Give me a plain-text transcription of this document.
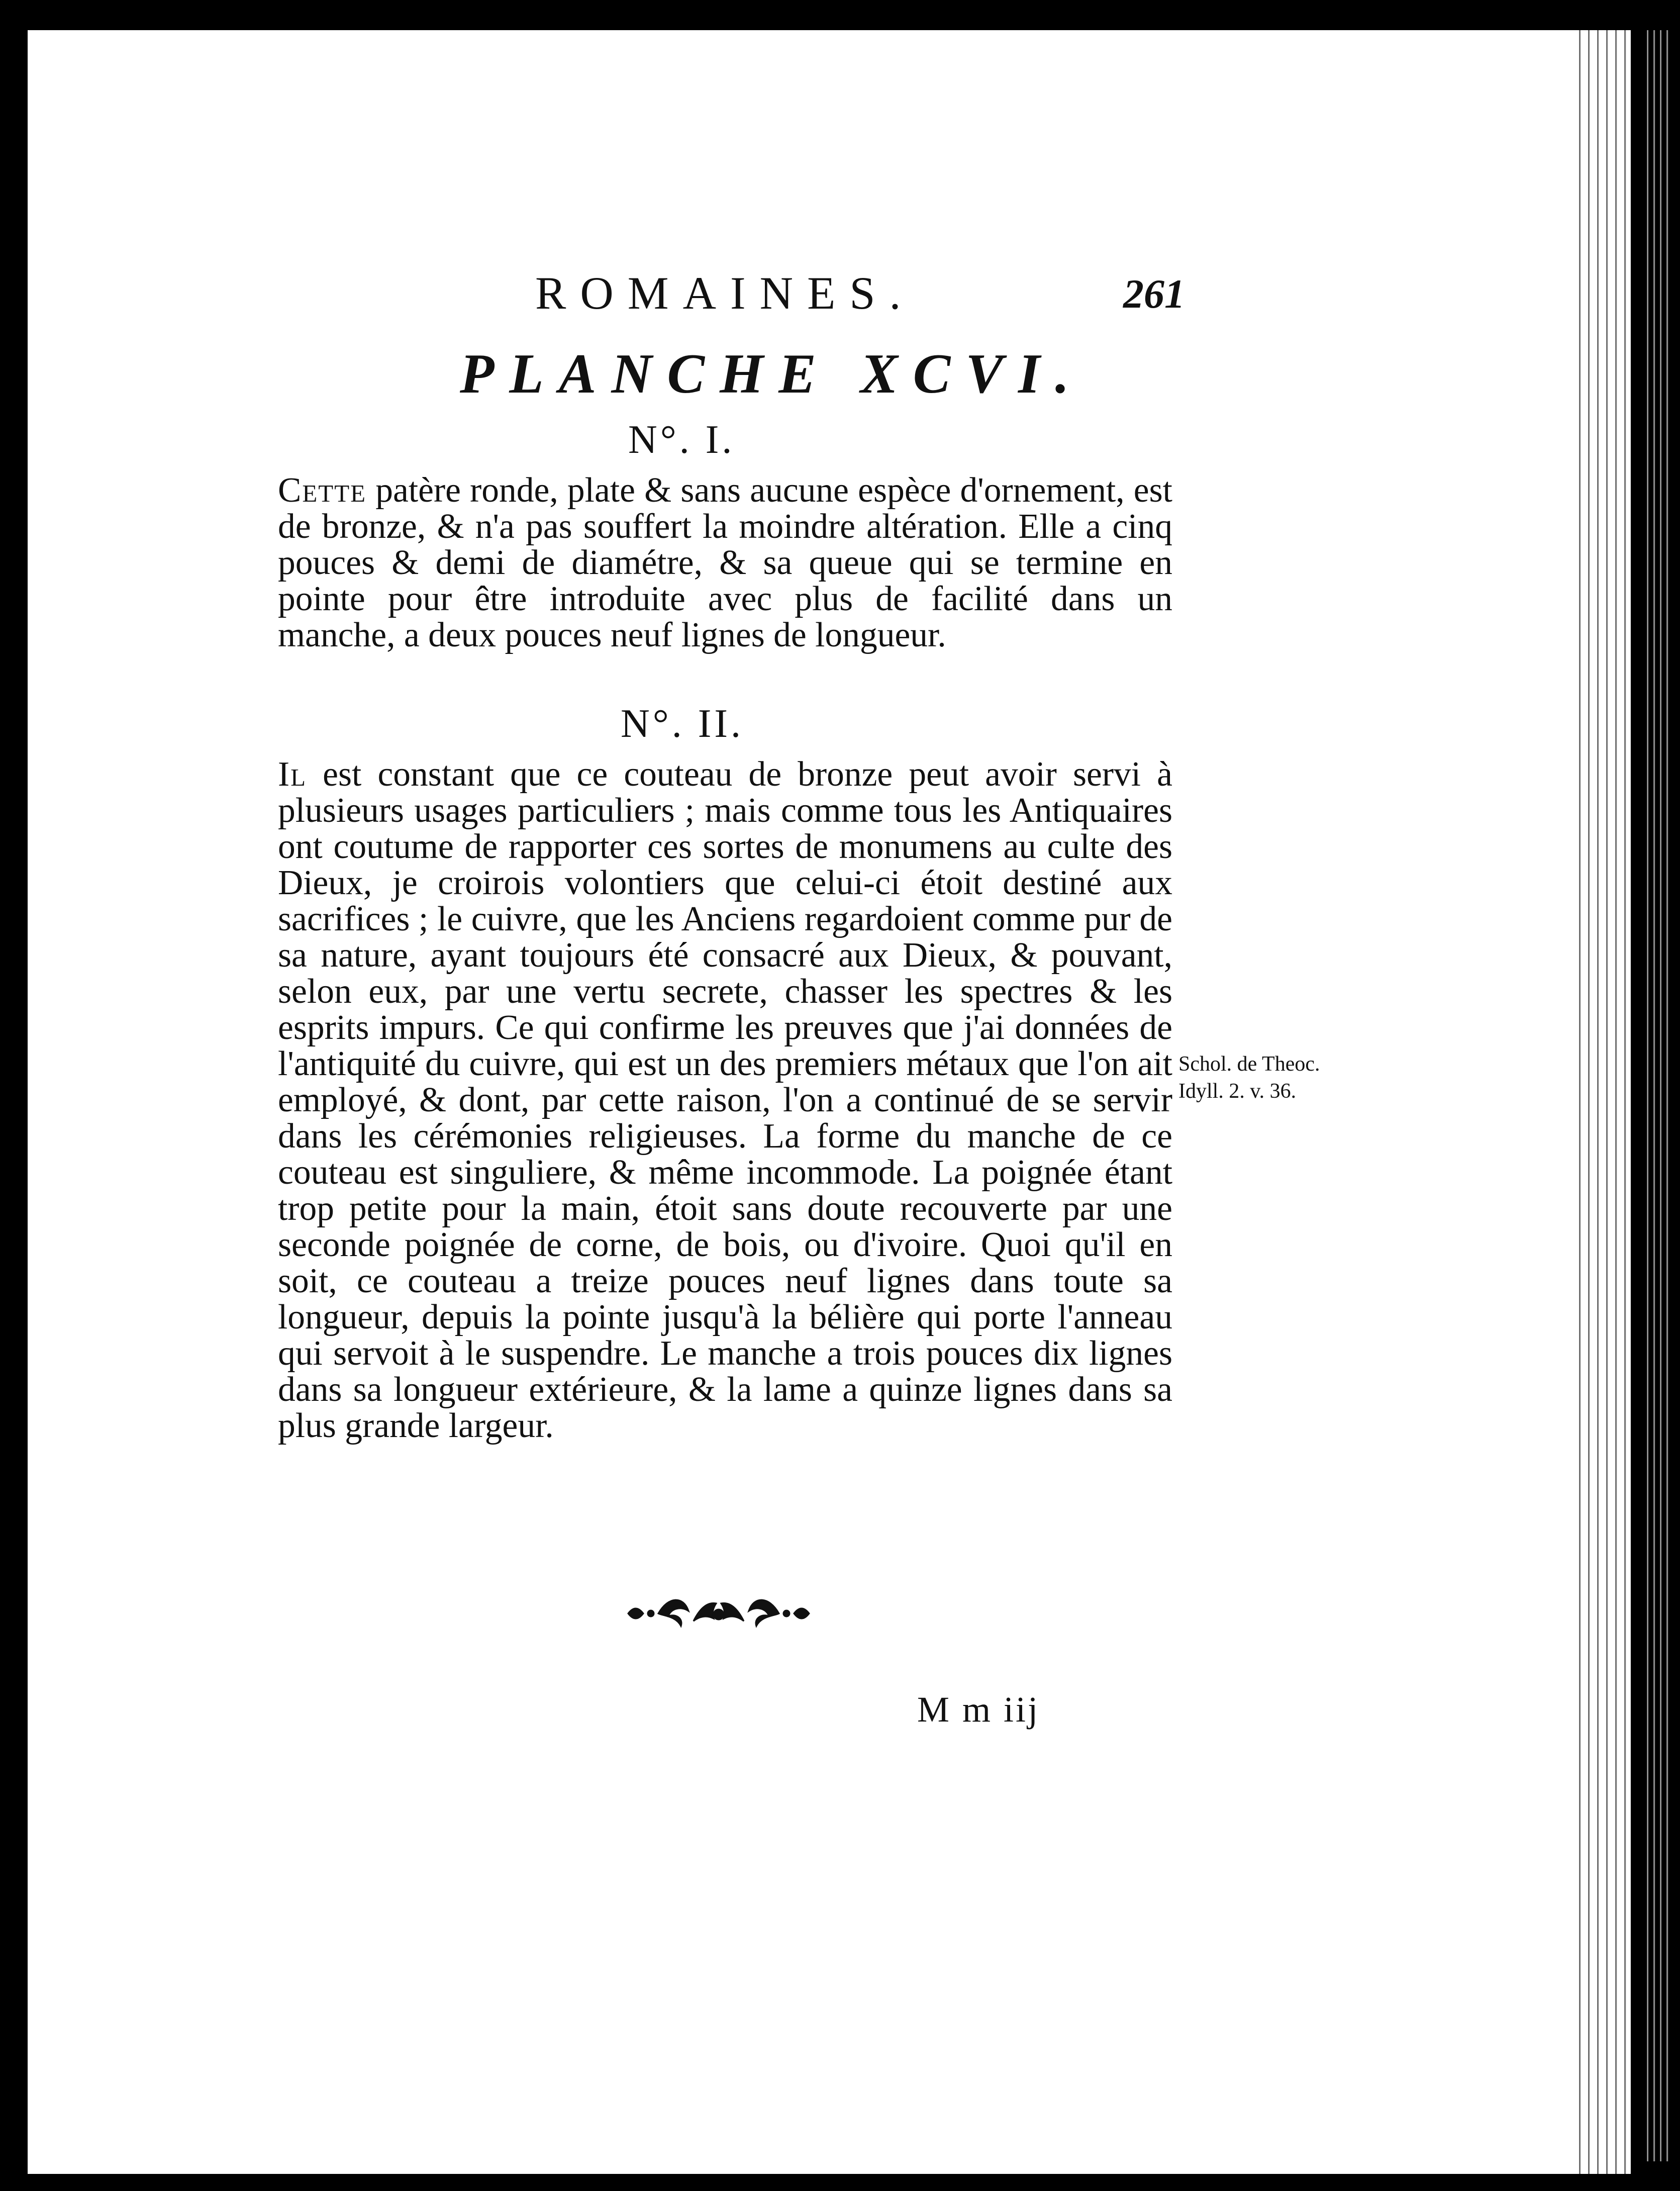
ROMAINES.	261
PLANCHE XCVI.
N°. I.

Cette patère ronde, plate & sans aucune espèce d'ornement, est de bronze, & n'a pas souffert la moindre altération. Elle a cinq pouces & demi de diamétre, & sa queue qui se termine en pointe pour être introduite avec plus de facilité dans un manche, a deux pouces neuf lignes de longueur.

N°. II.

Il est constant que ce couteau de bronze peut avoir servi à plusieurs usages particuliers ; mais comme tous les Antiquaires ont coutume de rapporter ces sortes de monumens au culte des Dieux, je croirois volontiers que celui-ci étoit destiné aux sacrifices ; le cuivre, que les Anciens regardoient comme pur de sa nature, ayant toujours été consacré aux Dieux, & pouvant, selon eux, par une vertu secrete, chasser les spectres & les esprits impurs. Ce qui confirme les preuves que j'ai données de l'antiquité du cuivre, qui est un des premiers métaux que l'on ait employé, & dont, par cette raison, l'on a continué de se servir dans les cérémonies religieuses. La forme du manche de ce couteau est singuliere, & même incommode. La poignée étant trop petite pour la main, étoit sans doute recouverte par une seconde poignée de corne, de bois, ou d'ivoire. Quoi qu'il en soit, ce couteau a treize pouces neuf lignes dans toute sa longueur, depuis la pointe jusqu'à la bélière qui porte l'anneau qui servoit à le suspendre. Le manche a trois pouces dix lignes dans sa longueur extérieure, & la lame a quinze lignes dans sa plus grande largeur.

Schol. de Theoc.
Idyll. 2. v. 36.
M m iij
